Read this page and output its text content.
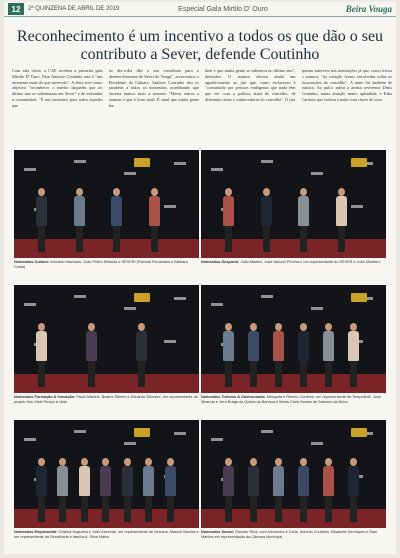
12	2ª QUINZENA DE ABRIL DE 2019	Especial Gala Mirtilo D' Ouro	Beira Vouga
Reconhecimento é um incentivo a todos os que dão o seu contributo a Sever, defende Coutinho
Com sala cheia, a CAE recebeu a primeira gala Mirtilo D' Ouro. Para António Coutinho esta é "um momento mais do que merecido". A festa teve como objetivo "reconhecer o mérito daqueles que no último ano se salientaram em Sever" e de estimular a comunidade. "É um incentivo para todos aqueles que
no dia-a-dia dão o seu contributo para o desenvolvimento de Sever do Vouga", acrescentou o Presidente da Câmara. António Coutinho deu os parabéns a todos os nomeados, acreditando que haveria muitos mais a nomear. "Havia outros a nomear e que é bom sinal. É sinal que muita gente fez
bem e que muita gente se salientou no último ano", defendeu. O autarca deixou ainda um agradecimento ao júri que, como esclareceu é "constituído por pessoas endógenas que nada têm que ver com a política atual do concelho, de diferentes áreas e conhecedoras do concelho". O júri
apenas interveio nas nomeações já que, como frisou o autarca, "na votação foram envolvidas todas as associações do concelho". A noite foi também de música. Ao palco subiu a artista severense Dinis Coutinho, numa atuação muito aplaudida, e Kika Cardoso que fechou a noite com chave de ouro.
Nomeados Cultura: Inimaldo Machado, João Pedro Miranda e SEVERI (Patrícia Fernandes e Bárbara Costa)
Nomeados Desporto: João Martins, José Manuel Pereira e um representante do SEVER e João Monteiro
Nomeados Formação & Inovação: Paulo Martins, Beatriz Ribeiro e Eduardo Silvestre, um representante do projeto Sou Mais Tempo à Vida
Nomeados Turismo & Gastronomia: Mesquita e Ribeiro Cordeiro, um representante de Tempofértil, José Miranda e Vera Braga da Quinta da Barroca e Maria Carla Santos de Sabores da Beira
Nomeados Empresarial: Cristina Nogueira e João Azevedo, um representante de Serrana, Manuel Martins e um representante da Serralharia e família A. Silva Matos
Nomeados Social: Ricardo Silva, com Alexandra e Carla, António Coutinho, Elisabete Henriques e Raul Martins em representação da Câmara Municipal
